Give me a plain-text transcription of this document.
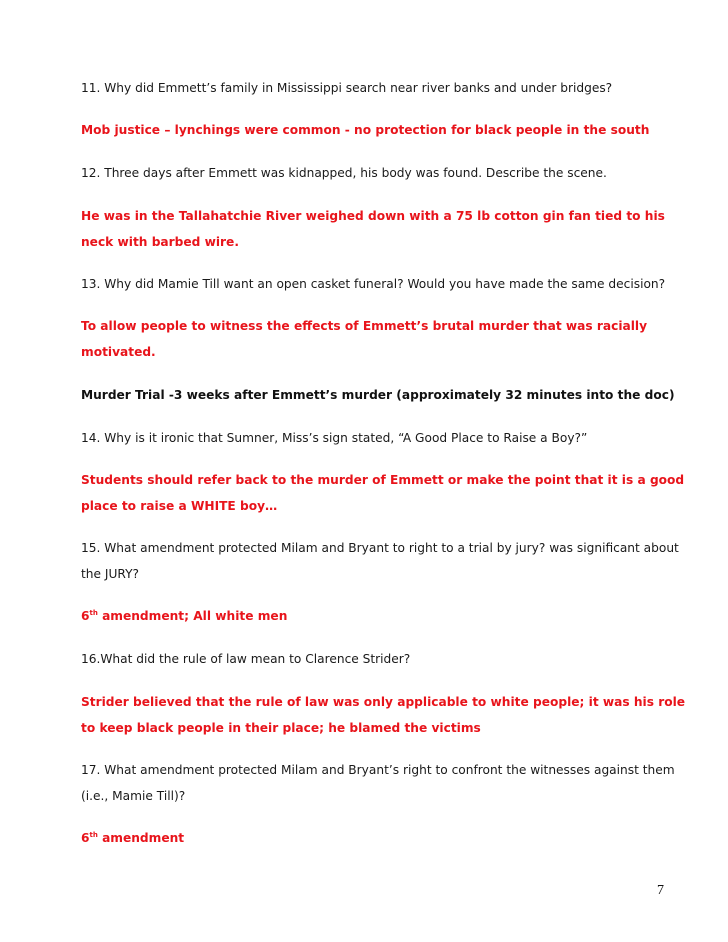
11. Why did Emmett’s family in Mississippi search near river banks and under bridges?
Mob justice – lynchings were common - no protection for black people in the south
12. Three days after Emmett was kidnapped, his body was found. Describe the scene.
He was in the Tallahatchie River weighed down with a 75 lb cotton gin fan tied to his
neck with barbed wire.
13. Why did Mamie Till want an open casket funeral? Would you have made the same decision?
To allow people to witness the effects of Emmett’s brutal murder that was racially
motivated.
Murder Trial -3 weeks after Emmett’s murder (approximately 32 minutes into the doc)
14. Why is it ironic that Sumner, Miss’s sign stated, “A Good Place to Raise a Boy?”
Students should refer back to the murder of Emmett or make the point that it is a good
place to raise a WHITE boy…
15. What amendment protected Milam and Bryant to right to a trial by jury? was significant about
the JURY?
6th amendment; All white men
16.What did the rule of law mean to Clarence Strider?
Strider believed that the rule of law was only applicable to white people; it was his role
to keep black people in their place; he blamed the victims
17. What amendment protected Milam and Bryant’s right to confront the witnesses against them
(i.e., Mamie Till)?
6th amendment
7
